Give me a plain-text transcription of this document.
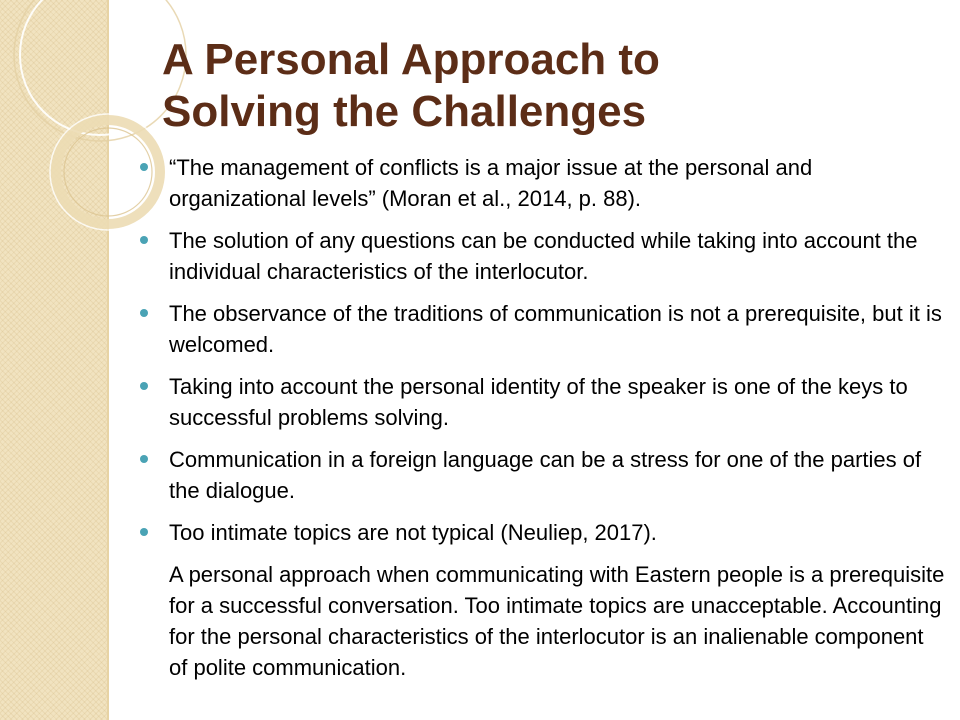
A Personal Approach to
Solving the Challenges
“The management of conflicts is a major issue at the personal and organizational levels” (Moran et al., 2014, p. 88).
The solution of any questions can be conducted while taking into account the individual characteristics of the interlocutor.
The observance of the traditions of communication is not a prerequisite, but it is welcomed.
Taking into account the personal identity of the speaker is one of the keys to successful problems solving.
Communication in a foreign language can be a stress for one of the parties of the dialogue.
Too intimate topics are not typical (Neuliep, 2017).
A personal approach when communicating with Eastern people is a prerequisite for a successful conversation. Too intimate topics are unacceptable. Accounting for the personal characteristics of the interlocutor is an inalienable component of polite communication.
